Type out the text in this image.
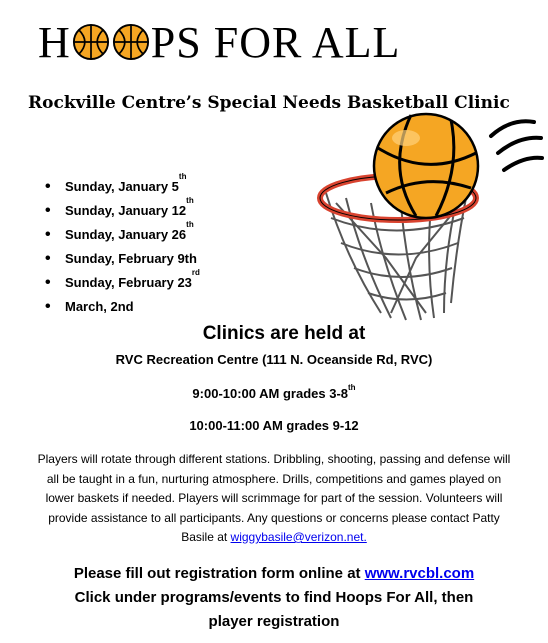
H PS FOR ALL
Rockville Centre’s Special Needs Basketball Clinic
• Sunday, January 5th
• Sunday, January 12th
• Sunday, January 26th
• Sunday, February 9th
• Sunday, February 23rd
• March, 2nd
Clinics are held at
RVC Recreation Centre (111 N. Oceanside Rd, RVC)
9:00-10:00 AM grades 3-8th
10:00-11:00 AM grades 9-12
Players will rotate through different stations. Dribbling, shooting, passing and defense will all be taught in a fun, nurturing atmosphere. Drills, competitions and games played on lower baskets if needed. Players will scrimmage for part of the session. Volunteers will provide assistance to all participants. Any questions or concerns please contact Patty Basile at wiggybasile@verizon.net.
Please fill out registration form online at www.rvcbl.com
Click under programs/events to find Hoops For All, then
player registration
